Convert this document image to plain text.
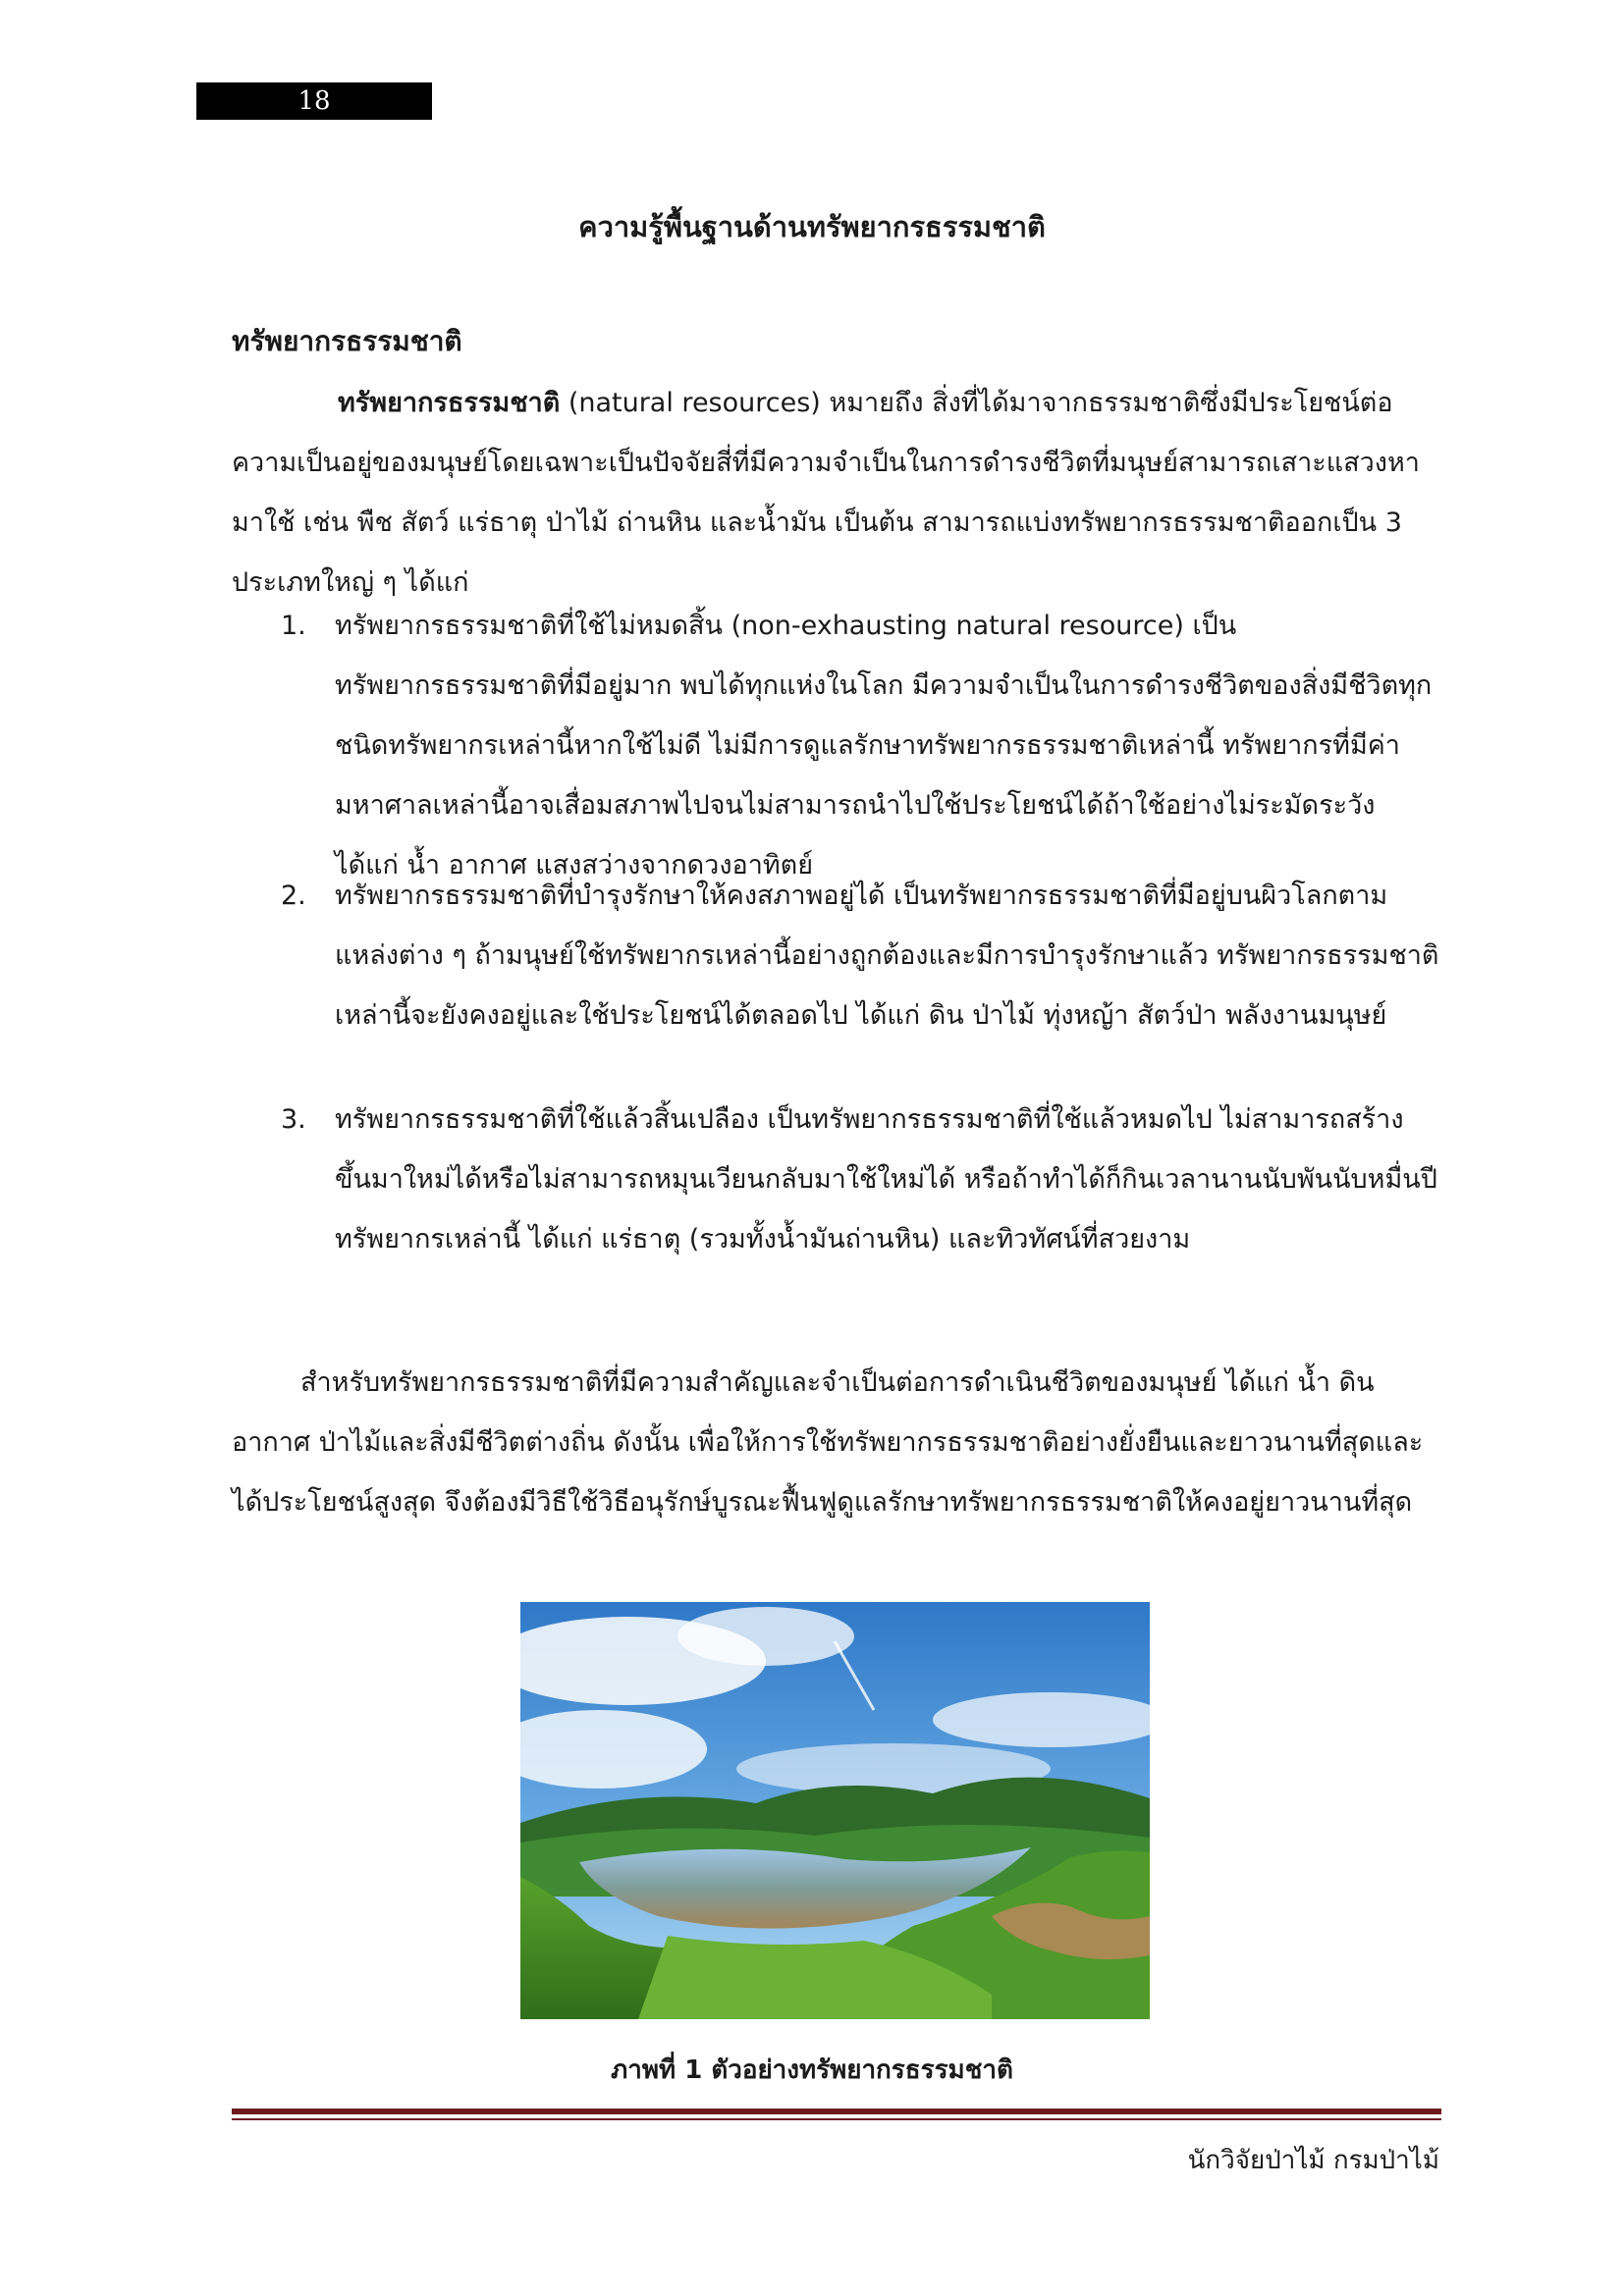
18
ความรู้พื้นฐานด้านทรัพยากรธรรมชาติ
ทรัพยากรธรรมชาติ
ทรัพยากรธรรมชาติ (natural resources) หมายถึง สิ่งที่ได้มาจากธรรมชาติซึ่งมีประโยชน์ต่อความเป็นอยู่ของมนุษย์โดยเฉพาะเป็นปัจจัยสี่ที่มีความจำเป็นในการดำรงชีวิตที่มนุษย์สามารถเสาะแสวงหามาใช้ เช่น พืช สัตว์ แร่ธาตุ ป่าไม้ ถ่านหิน และน้ำมัน เป็นต้น สามารถแบ่งทรัพยากรธรรมชาติออกเป็น 3 ประเภทใหญ่ ๆ ได้แก่
1. ทรัพยากรธรรมชาติที่ใช้ไม่หมดสิ้น (non-exhausting natural resource) เป็น ทรัพยากรธรรมชาติที่มีอยู่มาก พบได้ทุกแห่งในโลก มีความจำเป็นในการดำรงชีวิตของสิ่งมีชีวิตทุกชนิดทรัพยากรเหล่านี้หากใช้ไม่ดี ไม่มีการดูแลรักษาทรัพยากรธรรมชาติเหล่านี้ ทรัพยากรที่มีค่ามหาศาลเหล่านี้อาจเสื่อมสภาพไปจนไม่สามารถนำไปใช้ประโยชน์ได้ถ้าใช้อย่างไม่ระมัดระวัง ได้แก่ น้ำ อากาศ แสงสว่างจากดวงอาทิตย์
2. ทรัพยากรธรรมชาติที่บำรุงรักษาให้คงสภาพอยู่ได้ เป็นทรัพยากรธรรมชาติที่มีอยู่บนผิวโลกตามแหล่งต่าง ๆ ถ้ามนุษย์ใช้ทรัพยากรเหล่านี้อย่างถูกต้องและมีการบำรุงรักษาแล้ว ทรัพยากรธรรมชาติเหล่านี้จะยังคงอยู่และใช้ประโยชน์ได้ตลอดไป ได้แก่ ดิน ป่าไม้ ทุ่งหญ้า สัตว์ป่า พลังงานมนุษย์
3. ทรัพยากรธรรมชาติที่ใช้แล้วสิ้นเปลือง เป็นทรัพยากรธรรมชาติที่ใช้แล้วหมดไป ไม่สามารถสร้างขึ้นมาใหม่ได้หรือไม่สามารถหมุนเวียนกลับมาใช้ใหม่ได้ หรือถ้าทำได้ก็กินเวลานานนับพันนับหมื่นปีทรัพยากรเหล่านี้ ได้แก่ แร่ธาตุ (รวมทั้งน้ำมันถ่านหิน) และทิวทัศน์ที่สวยงาม
สำหรับทรัพยากรธรรมชาติที่มีความสำคัญและจำเป็นต่อการดำเนินชีวิตของมนุษย์ ได้แก่ น้ำ ดิน อากาศ ป่าไม้และสิ่งมีชีวิตต่างถิ่น ดังนั้น เพื่อให้การใช้ทรัพยากรธรรมชาติอย่างยั่งยืนและยาวนานที่สุดและได้ประโยชน์สูงสุด จึงต้องมีวิธีใช้วิธีอนุรักษ์บูรณะฟื้นฟูดูแลรักษาทรัพยากรธรรมชาติให้คงอยู่ยาวนานที่สุด
ภาพที่ 1 ตัวอย่างทรัพยากรธรรมชาติ
นักวิจัยป่าไม้ กรมป่าไม้
